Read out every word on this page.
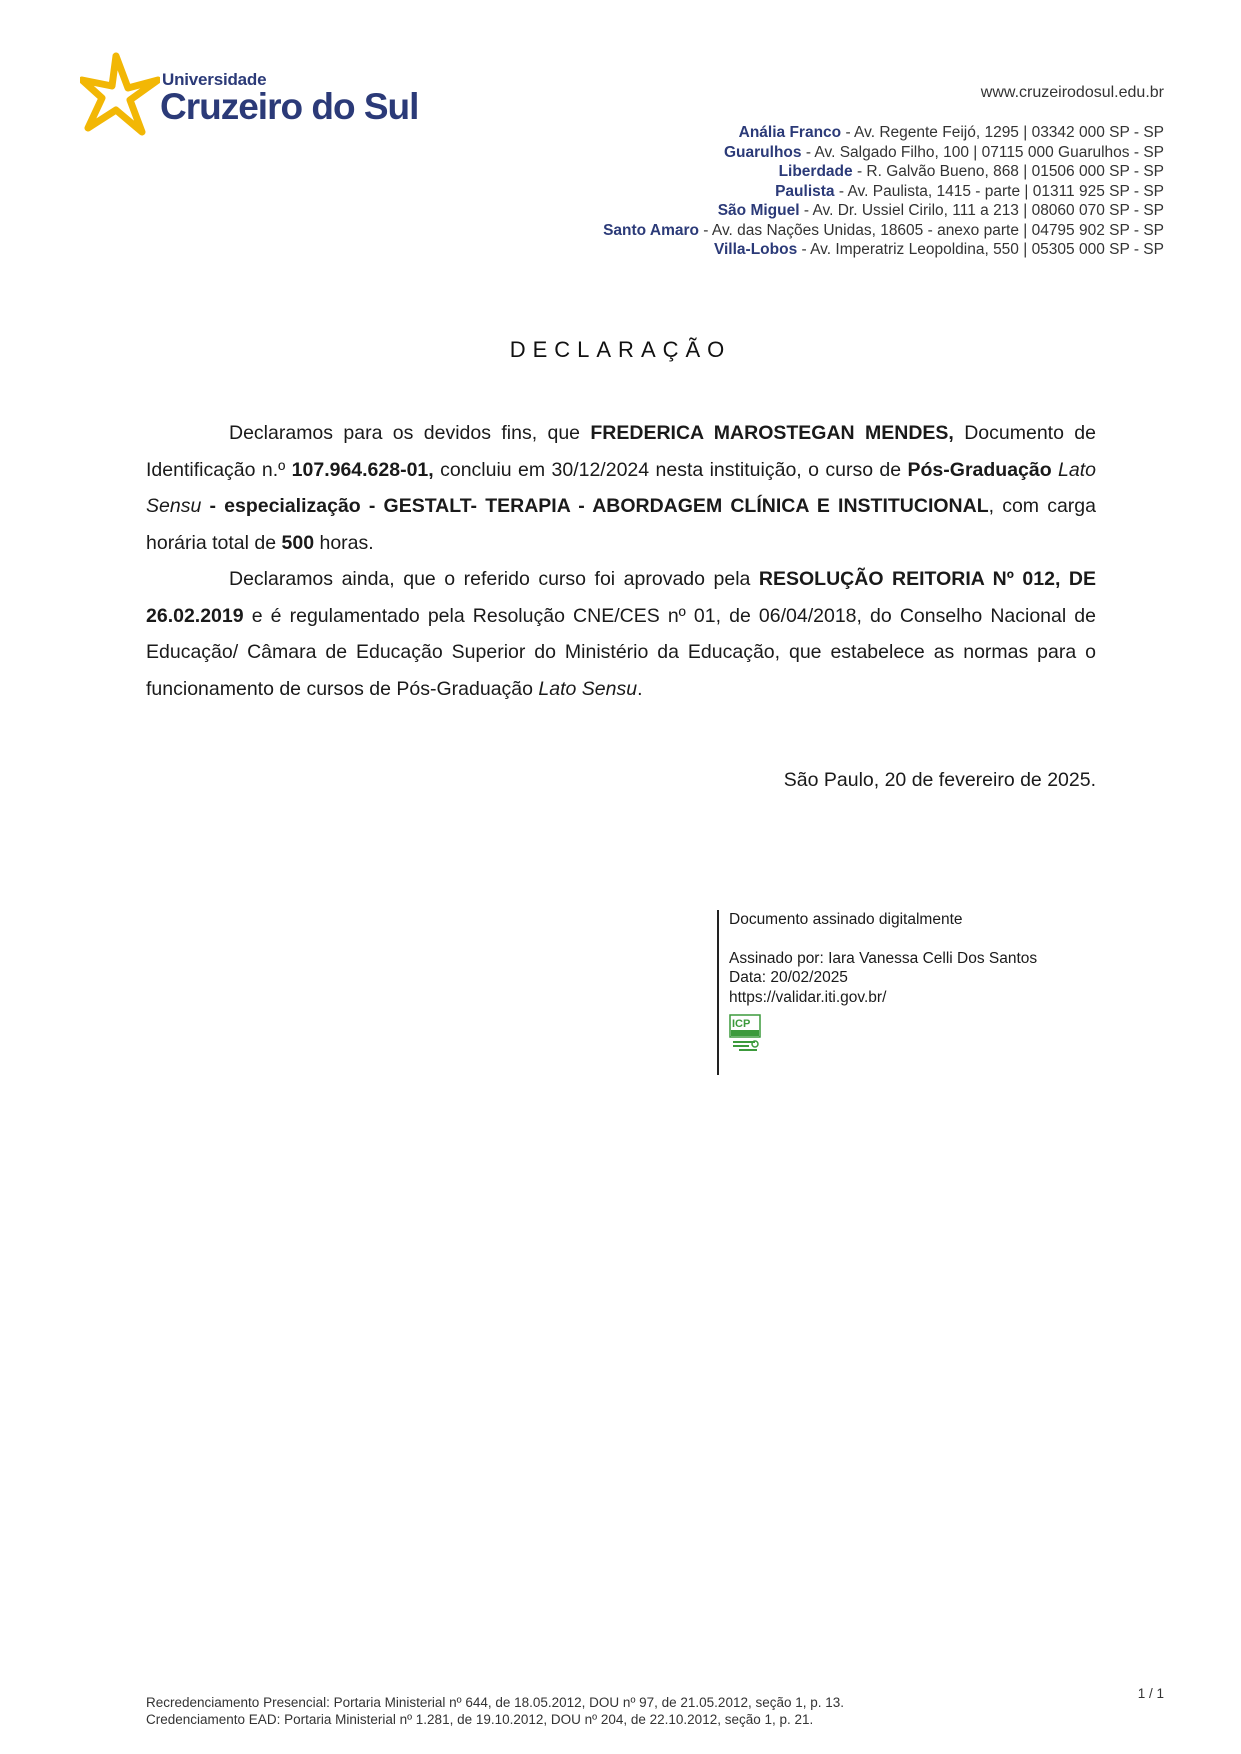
Universidade
Cruzeiro do Sul	www.cruzeirodosul.edu.br
Anália Franco - Av. Regente Feijó, 1295 | 03342 000 SP - SP
Guarulhos - Av. Salgado Filho, 100 | 07115 000 Guarulhos - SP
Liberdade - R. Galvão Bueno, 868 | 01506 000 SP - SP
Paulista - Av. Paulista, 1415 - parte | 01311 925 SP - SP
São Miguel - Av. Dr. Ussiel Cirilo, 111 a 213 | 08060 070 SP - SP
Santo Amaro - Av. das Nações Unidas, 18605 - anexo parte | 04795 902 SP - SP
Villa-Lobos - Av. Imperatriz Leopoldina, 550 | 05305 000 SP - SP
DECLARAÇÃO

Declaramos para os devidos fins, que FREDERICA MAROSTEGAN MENDES, Documento de Identificação n.º 107.964.628-01, concluiu em 30/12/2024 nesta instituição, o curso de Pós-Graduação Lato Sensu - especialização - GESTALT- TERAPIA - ABORDAGEM CLÍNICA E INSTITUCIONAL, com carga horária total de 500 horas.

Declaramos ainda, que o referido curso foi aprovado pela RESOLUÇÃO REITORIA Nº 012, DE 26.02.2019 e é regulamentado pela Resolução CNE/CES nº 01, de 06/04/2018, do Conselho Nacional de Educação/ Câmara de Educação Superior do Ministério da Educação, que estabelece as normas para o funcionamento de cursos de Pós-Graduação Lato Sensu.

São Paulo, 20 de fevereiro de 2025.
Documento assinado digitalmente
Assinado por: Iara Vanessa Celli Dos Santos
Data: 20/02/2025
https://validar.iti.gov.br/
ICP
Recredenciamento Presencial: Portaria Ministerial nº 644, de 18.05.2012, DOU nº 97, de 21.05.2012, seção 1, p. 13.
Credenciamento EAD: Portaria Ministerial nº 1.281, de 19.10.2012, DOU nº 204, de 22.10.2012, seção 1, p. 21.
1 / 1
